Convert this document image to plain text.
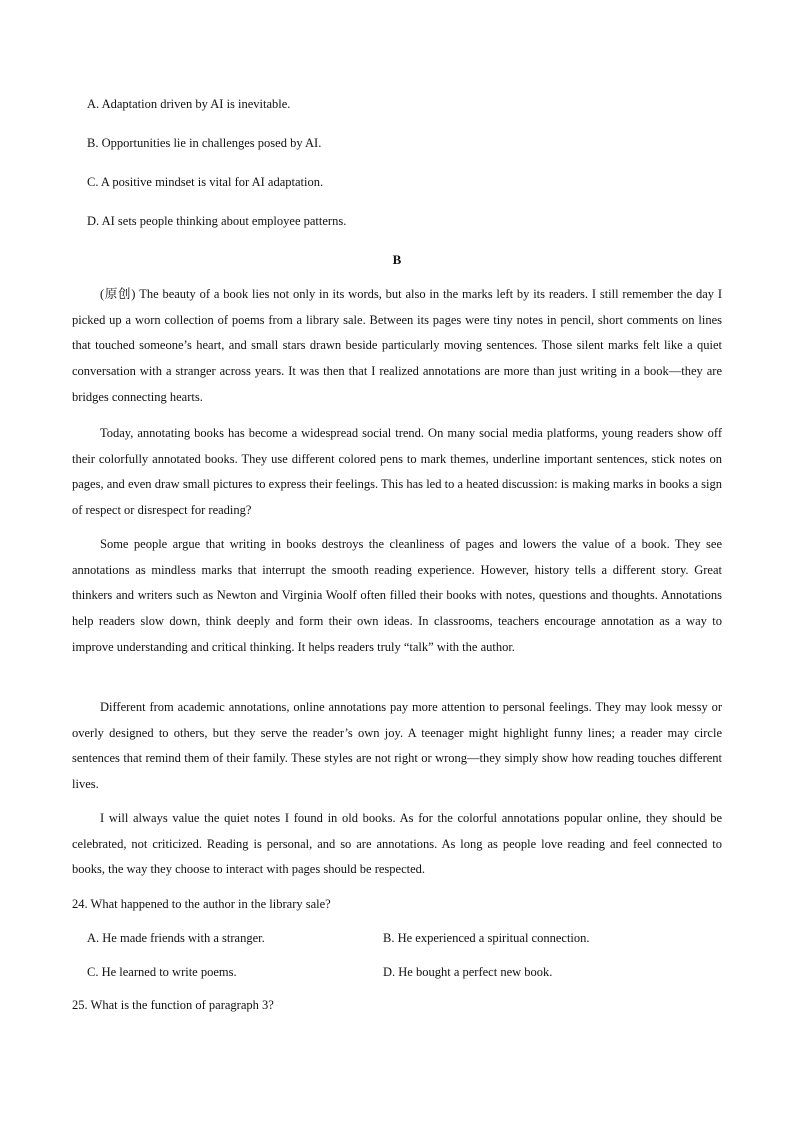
A. Adaptation driven by AI is inevitable.
B. Opportunities lie in challenges posed by AI.
C. A positive mindset is vital for AI adaptation.
D. AI sets people thinking about employee patterns.
B

(原创) The beauty of a book lies not only in its words, but also in the marks left by its readers. I still remember the day I picked up a worn collection of poems from a library sale. Between its pages were tiny notes in pencil, short comments on lines that touched someone’s heart, and small stars drawn beside particularly moving sentences. Those silent marks felt like a quiet conversation with a stranger across years. It was then that I realized annotations are more than just writing in a book—they are bridges connecting hearts.

Today, annotating books has become a widespread social trend. On many social media platforms, young readers show off their colorfully annotated books. They use different colored pens to mark themes, underline important sentences, stick notes on pages, and even draw small pictures to express their feelings. This has led to a heated discussion: is making marks in books a sign of respect or disrespect for reading?

Some people argue that writing in books destroys the cleanliness of pages and lowers the value of a book. They see annotations as mindless marks that interrupt the smooth reading experience. However, history tells a different story. Great thinkers and writers such as Newton and Virginia Woolf often filled their books with notes, questions and thoughts. Annotations help readers slow down, think deeply and form their own ideas. In classrooms, teachers encourage annotation as a way to improve understanding and critical thinking. It helps readers truly “talk” with the author.

Different from academic annotations, online annotations pay more attention to personal feelings. They may look messy or overly designed to others, but they serve the reader’s own joy. A teenager might highlight funny lines; a reader may circle sentences that remind them of their family. These styles are not right or wrong—they simply show how reading touches different lives.

I will always value the quiet notes I found in old books. As for the colorful annotations popular online, they should be celebrated, not criticized. Reading is personal, and so are annotations. As long as people love reading and feel connected to books, the way they choose to interact with pages should be respected.

24. What happened to the author in the library sale?
A. He made friends with a stranger.	B. He experienced a spiritual connection.
C. He learned to write poems.	D. He bought a perfect new book.
25. What is the function of paragraph 3?
